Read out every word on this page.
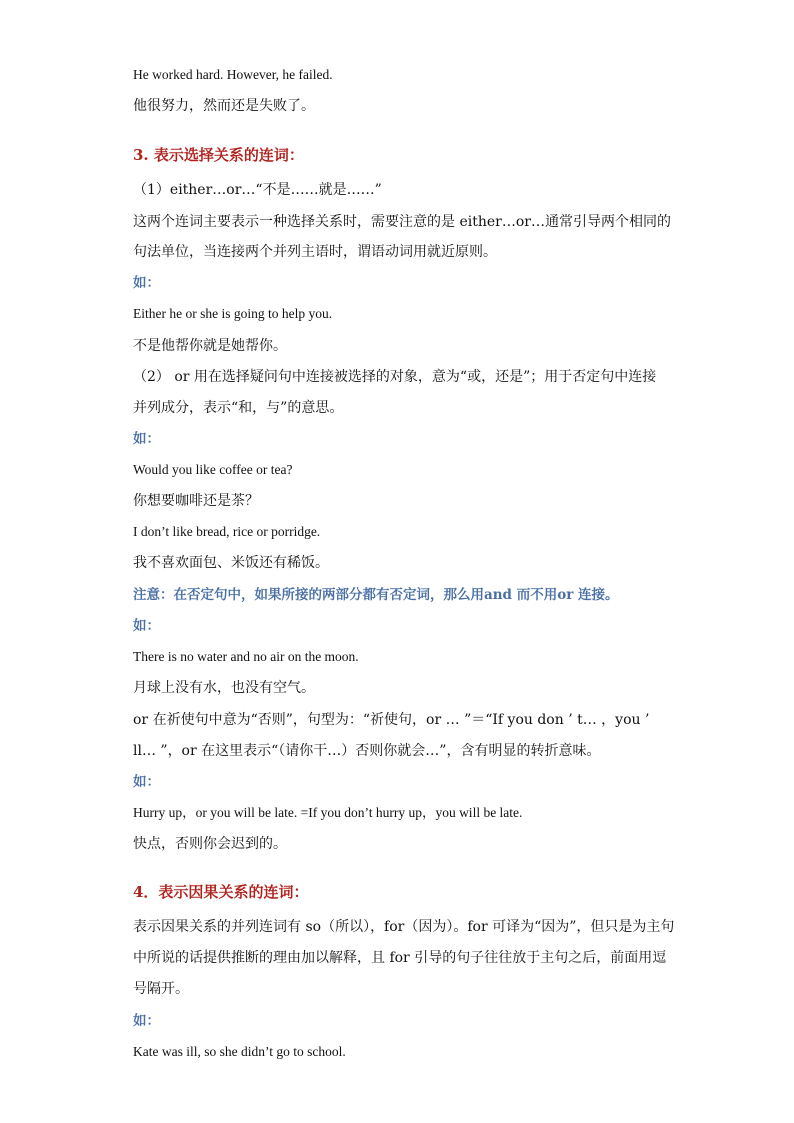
He worked hard. However, he failed.
他很努力，然而还是失败了。
3. 表示选择关系的连词：
（1）either…or…“不是……就是……”
这两个连词主要表示一种选择关系时，需要注意的是 either…or…通常引导两个相同的
句法单位，当连接两个并列主语时，谓语动词用就近原则。
如：
Either he or she is going to help you.
不是他帮你就是她帮你。
（2） or 用在选择疑问句中连接被选择的对象，意为“或，还是”；用于否定句中连接
并列成分，表示“和，与”的意思。
如：
Would you like coffee or tea?
你想要咖啡还是茶？
I don’t like bread, rice or porridge.
我不喜欢面包、米饭还有稀饭。
注意：在否定句中，如果所接的两部分都有否定词，那么用and 而不用or 连接。
如：
There is no water and no air on the moon.
月球上没有水，也没有空气。
or 在祈使句中意为“否则”，句型为：“祈使句，or … ”＝“If you don ’ t… ，you ’
ll… ”，or 在这里表示“（请你干…）否则你就会…”，含有明显的转折意味。
如：
Hurry up，or you will be late. =If you don’t hurry up，you will be late.
快点，否则你会迟到的。
4．表示因果关系的连词：
表示因果关系的并列连词有 so（所以），for（因为）。for 可译为“因为”，但只是为主句
中所说的话提供推断的理由加以解释，且 for 引导的句子往往放于主句之后，前面用逗
号隔开。
如：
Kate was ill, so she didn’t go to school.
